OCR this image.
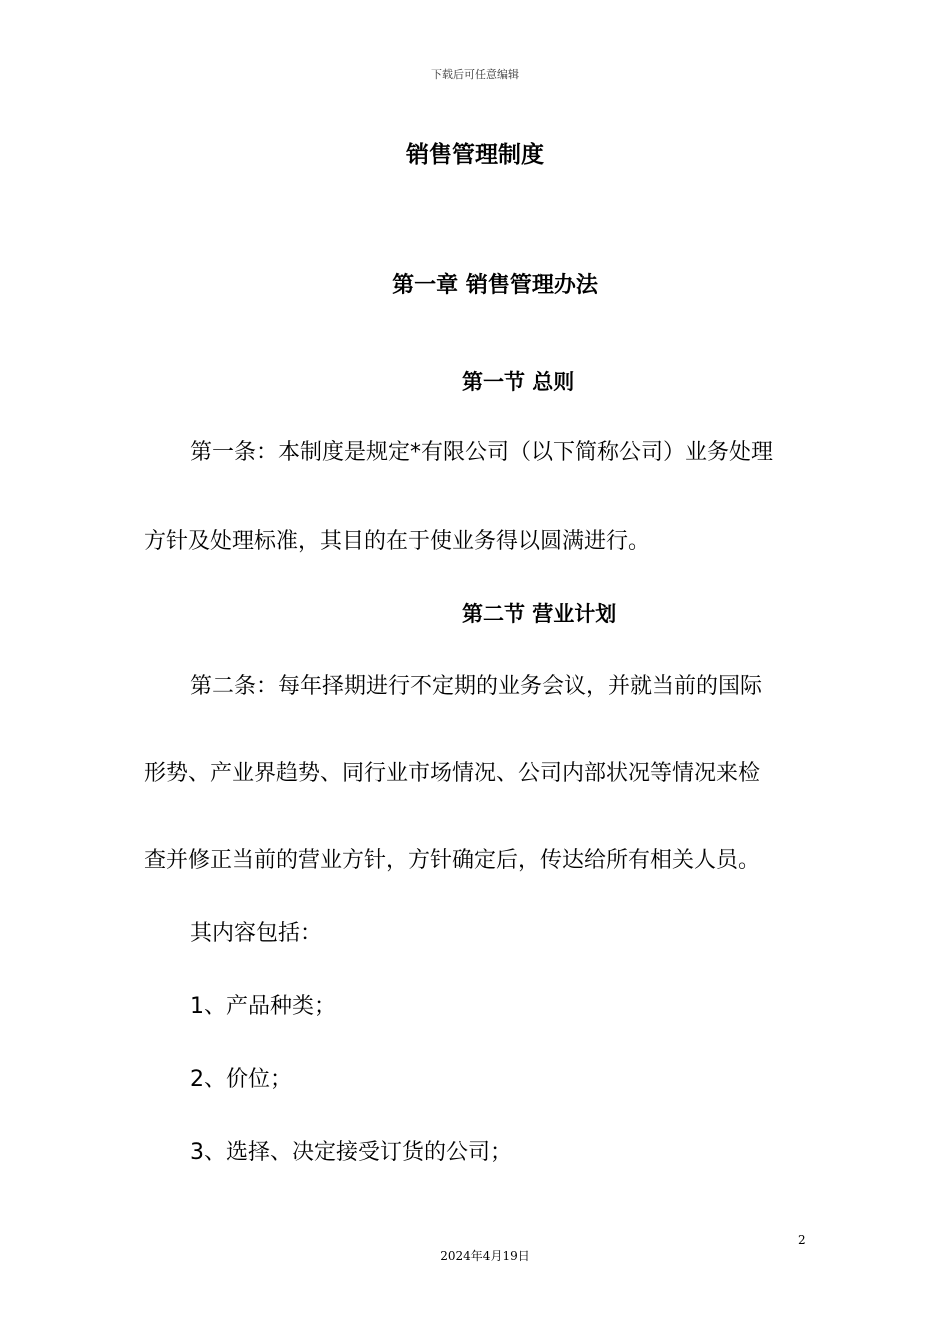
下载后可任意编辑
销售管理制度
第一章 销售管理办法
第一节 总则
第一条：本制度是规定*有限公司（以下简称公司）业务处理
方针及处理标准，其目的在于使业务得以圆满进行。
第二节 营业计划
第二条：每年择期进行不定期的业务会议，并就当前的国际
形势、产业界趋势、同行业市场情况、公司内部状况等情况来检
查并修正当前的营业方针，方针确定后，传达给所有相关人员。
其内容包括：
1、产品种类；
2、价位；
3、选择、决定接受订货的公司；
2
2024年4月19日
